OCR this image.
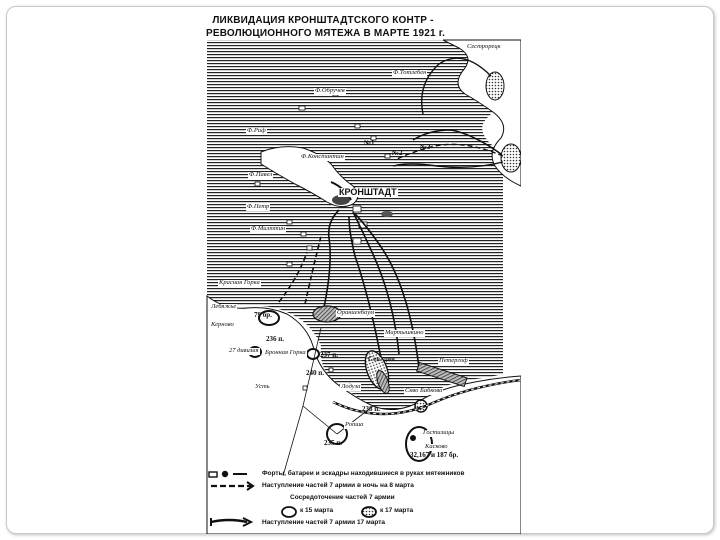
ЛИКВИДАЦИЯ КРОНШТАДТСКОГО КОНТР -
РЕВОЛЮЦИОННОГО МЯТЕЖА В МАРТЕ 1921 г.
Сестрорецк
Ф.Тотлебен
Ф.Обручев
Ф.Риф
Ф.Павел
Ф.Константин
Ф.Милютин
Ф.Петр
КРОНШТАДТ
Красная Горка
Ораниенбаум
Мартышкино
Петергоф
Лебяжье
Керново
27 дивизия Бронная Горка
Усть	Лодуза
Скво Бабкова
Ропша
Гостилицы
Касково
№1
№2
№3
79 бр.
236 п.
237 п.
240 п.
238 п.
235 п.
Сев. див.
32,167 и 187 бр.
Форты, батареи и эскадры находившиеся в руках мятежников
Наступление частей 7 армии в ночь на 8 марта
Сосредоточение частей 7 армии
к 15 марта	к 17 марта
Наступление частей 7 армии 17 марта
